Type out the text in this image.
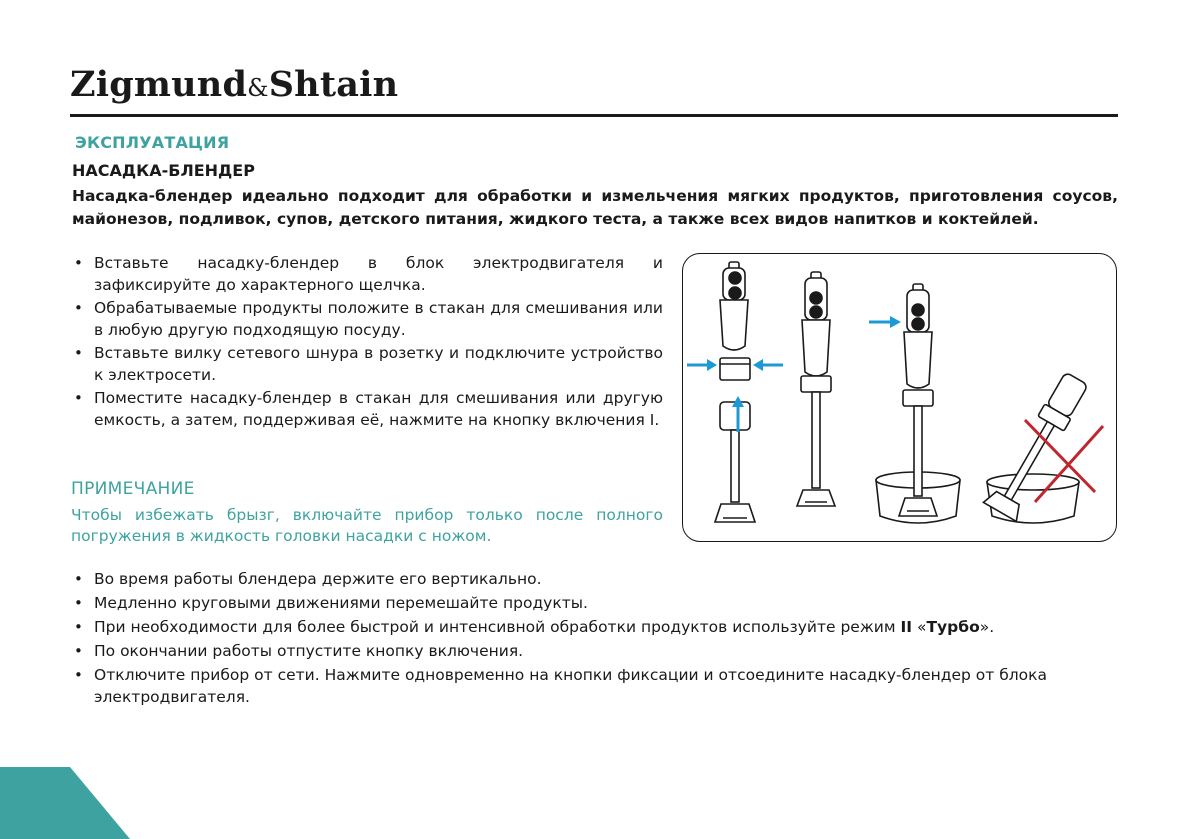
Zigmund&Shtain
ЭКСПЛУАТАЦИЯ
НАСАДКА-БЛЕНДЕР

Насадка-блендер идеально подходит для обработки и измельчения мягких продуктов, приготовления соусов, майонезов, подливок, супов, детского питания, жидкого теста, а также всех видов напитков и коктейлей.

• Вставьте насадку-блендер в блок электродвигателя и зафиксируйте до характерного щелчка.
• Обрабатываемые продукты положите в стакан для смешивания или в любую другую подходящую посуду.
• Вставьте вилку сетевого шнура в розетку и подключите устройство к электросети.
• Поместите насадку-блендер в стакан для смешивания или другую емкость, а затем, поддерживая её, нажмите на кнопку включения I.
ПРИМЕЧАНИЕ

Чтобы избежать брызг, включайте прибор только после полного погружения в жидкость головки насадки с ножом.

• Во время работы блендера держите его вертикально.
• Медленно круговыми движениями перемешайте продукты.
• При необходимости для более быстрой и интенсивной обработки продуктов используйте режим II «Турбо».
• По окончании работы отпустите кнопку включения.
• Отключите прибор от сети. Нажмите одновременно на кнопки фиксации и отсоедините насадку-блендер от блока электродвигателя.
